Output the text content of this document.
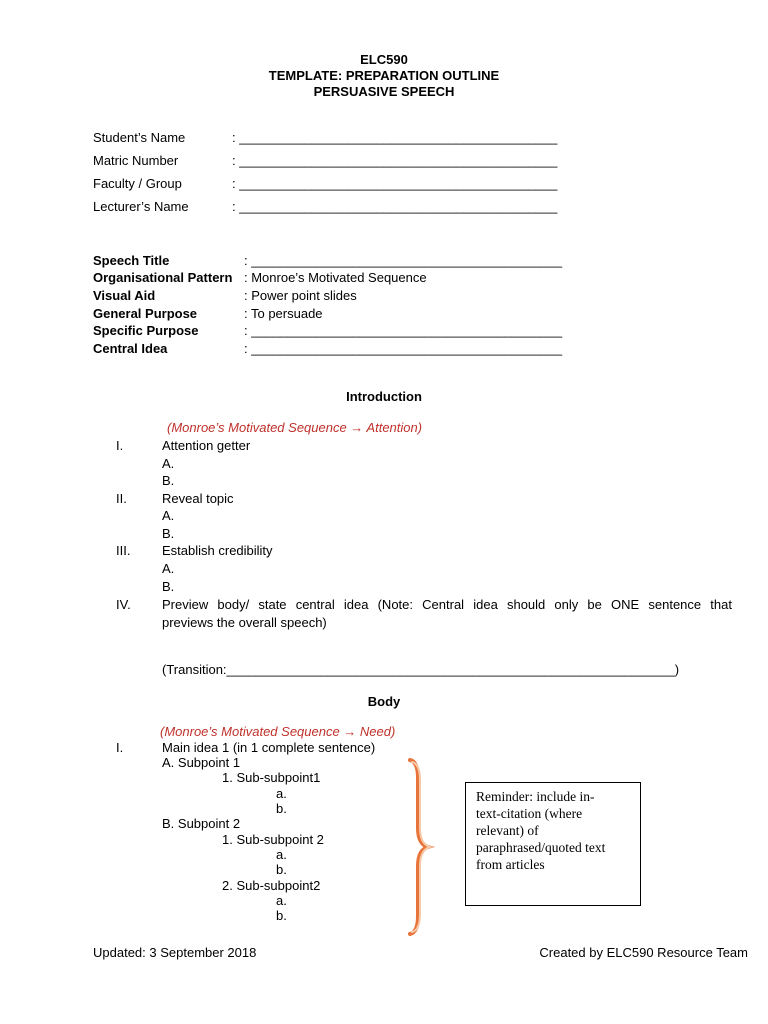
ELC590
TEMPLATE: PREPARATION OUTLINE
PERSUASIVE SPEECH
Student’s Name	: ____________________________________________
Matric Number	: ____________________________________________
Faculty / Group	: ____________________________________________
Lecturer’s Name	: ____________________________________________
Speech Title	: ___________________________________________
Organisational Pattern : Monroe’s Motivated Sequence
Visual Aid	: Power point slides
General Purpose	: To persuade
Specific Purpose	: ___________________________________________
Central Idea	: ___________________________________________
Introduction
(Monroe’s Motivated Sequence → Attention)
I.	Attention getter
A.
B.
II.	Reveal topic
A.
B.
III. Establish credibility
A.
B.
IV. Preview body/ state central idea (Note: Central idea should only be ONE sentence that
previews the overall speech)
(Transition:______________________________________________________________)
Body
(Monroe’s Motivated Sequence → Need)
I.	Main idea 1 (in 1 complete sentence)
A. Subpoint 1
1. Sub-subpoint1
a.
b.
B. Subpoint 2
1. Sub-subpoint 2
a.
b.
2. Sub-subpoint2
a.
b.
Reminder: include in-
text-citation (where
relevant) of
paraphrased/quoted text
from articles
Updated: 3 September 2018	Created by ELC590 Resource Team
